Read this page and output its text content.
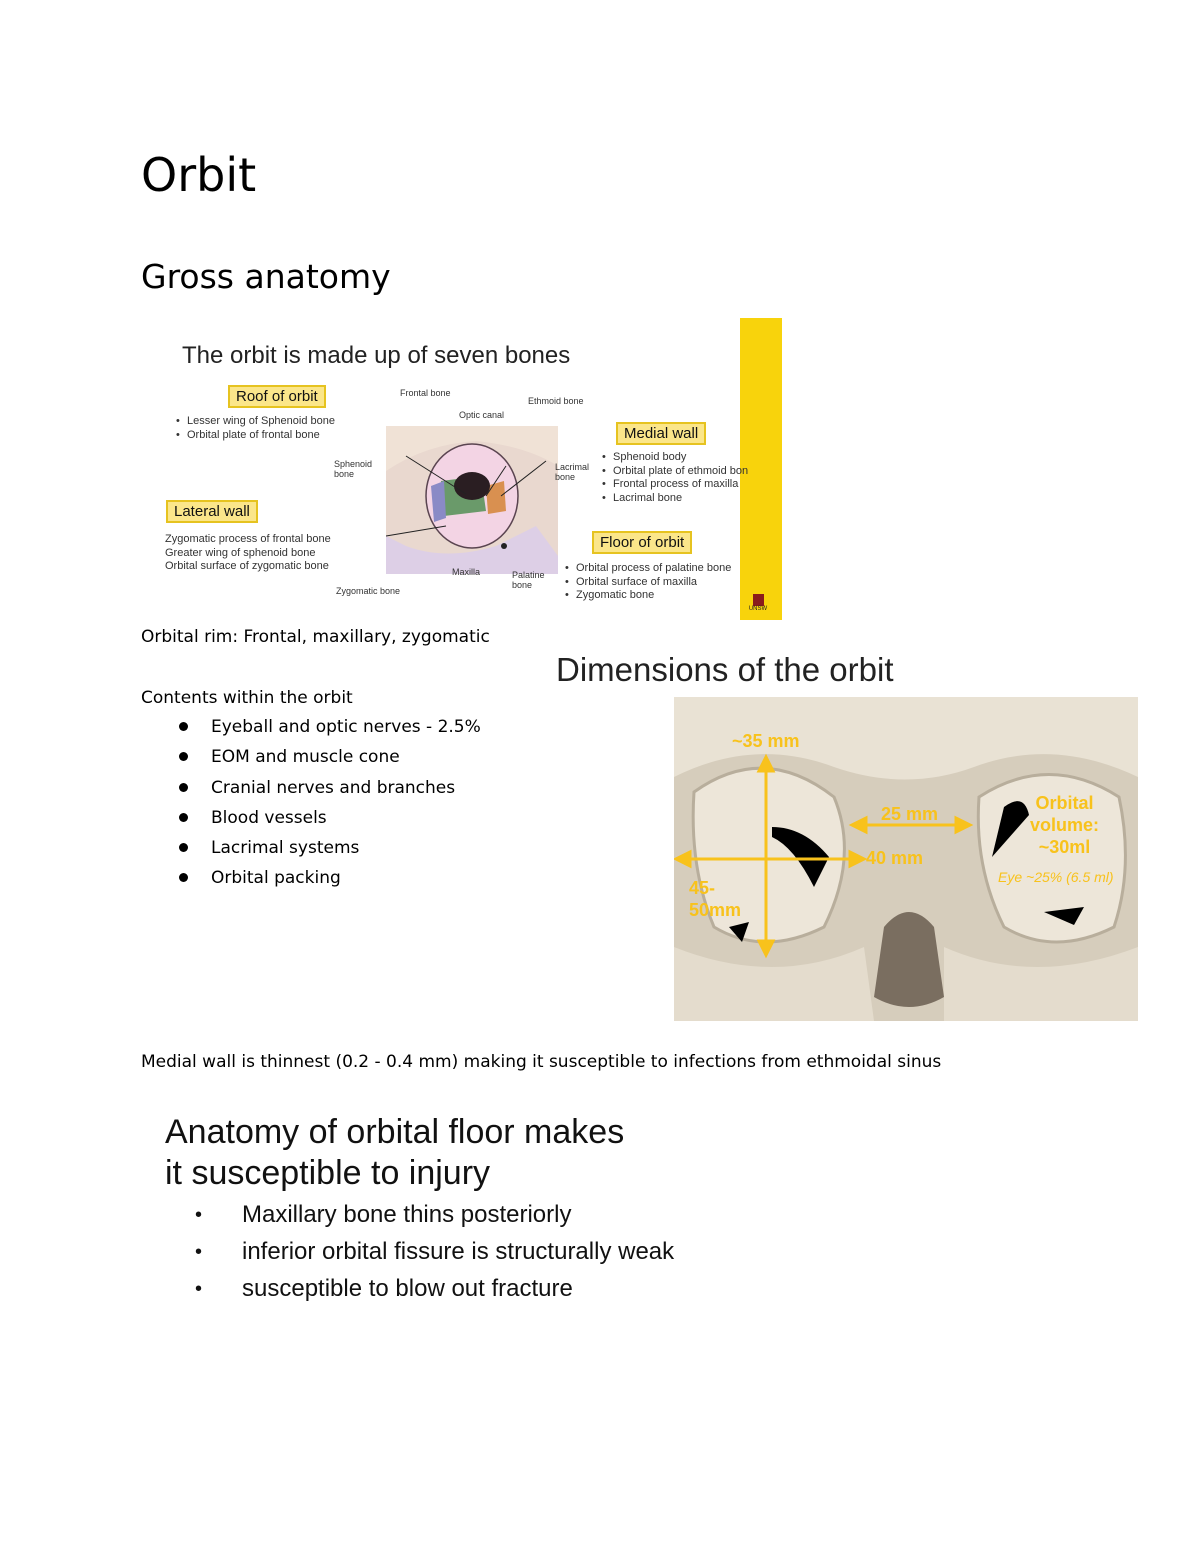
Orbit
Gross anatomy
The orbit is made up of seven bones
Roof of orbit
• Lesser wing of Sphenoid bone
• Orbital plate of frontal bone	Medial wall
• Sphenoid body
• Orbital plate of ethmoid bon
• Frontal process of maxilla
• Lacrimal bone
Lateral wall
• Zygomatic process of frontal bone
• Greater wing of sphenoid bone
• Orbital surface of zygomatic bone
Floor of orbit
• Orbital process of palatine bone
• Orbital surface of maxilla
• Zygomatic bone
Frontal bone
Optic canal
Ethmoid bone
Sphenoid bone
Lacrimal bone
Zygomatic bone
Maxilla	Palatine bone
UNSW
Orbital rim: Frontal, maxillary, zygomatic
Contents within the orbit
Eyeball and optic nerves - 2.5%
EOM and muscle cone
Cranial nerves and branches
Blood vessels
Lacrimal systems
Orbital packing
Dimensions of the orbit
~35 mm
25 mm
40 mm
45-
50mm
Orbital
volume:
~30ml
Eye ~25% (6.5 ml)
Medial wall is thinnest (0.2 - 0.4 mm) making it susceptible to infections from ethmoidal sinus
Anatomy of orbital floor makes
it susceptible to injury
• Maxillary bone thins posteriorly
• inferior orbital fissure is structurally weak
• susceptible to blow out fracture
